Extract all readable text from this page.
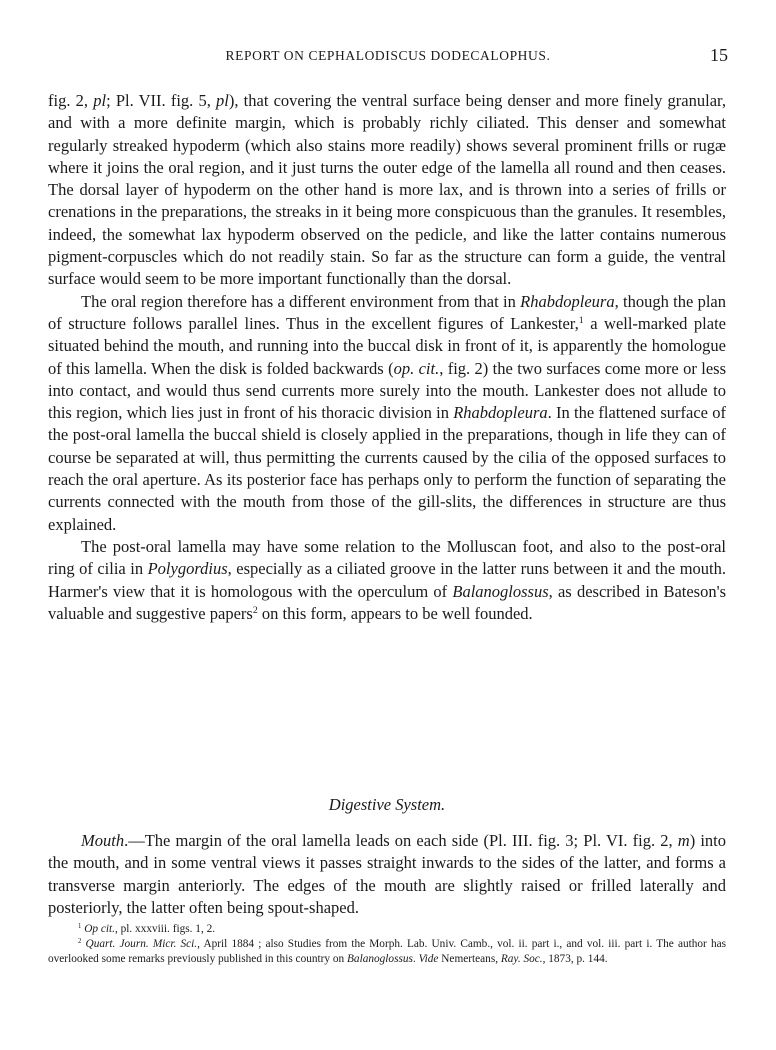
REPORT ON CEPHALODISCUS DODECALOPHUS.	15

fig. 2, pl; Pl. VII. fig. 5, pl), that covering the ventral surface being denser and more finely granular, and with a more definite margin, which is probably richly ciliated. This denser and somewhat regularly streaked hypoderm (which also stains more readily) shows several prominent frills or rugæ where it joins the oral region, and it just turns the outer edge of the lamella all round and then ceases. The dorsal layer of hypoderm on the other hand is more lax, and is thrown into a series of frills or crenations in the preparations, the streaks in it being more conspicuous than the granules. It resembles, indeed, the somewhat lax hypoderm observed on the pedicle, and like the latter contains numerous pigment-corpuscles which do not readily stain. So far as the structure can form a guide, the ventral surface would seem to be more important functionally than the dorsal.

The oral region therefore has a different environment from that in Rhabdopleura, though the plan of structure follows parallel lines. Thus in the excellent figures of Lankester,$^1$ a well-marked plate situated behind the mouth, and running into the buccal disk in front of it, is apparently the homologue of this lamella. When the disk is folded backwards (op. cit., fig. 2) the two surfaces come more or less into contact, and would thus send currents more surely into the mouth. Lankester does not allude to this region, which lies just in front of his thoracic division in Rhabdopleura. In the flattened surface of the post-oral lamella the buccal shield is closely applied in the preparations, though in life they can of course be separated at will, thus permitting the currents caused by the cilia of the opposed surfaces to reach the oral aperture. As its posterior face has perhaps only to perform the function of separating the currents connected with the mouth from those of the gill-slits, the differences in structure are thus explained.

The post-oral lamella may have some relation to the Molluscan foot, and also to the post-oral ring of cilia in Polygordius, especially as a ciliated groove in the latter runs between it and the mouth. Harmer's view that it is homologous with the operculum of Balanoglossus, as described in Bateson's valuable and suggestive papers$^2$ on this form, appears to be well founded.

Digestive System.

Mouth.—The margin of the oral lamella leads on each side (Pl. III. fig. 3; Pl. VI. fig. 2, m) into the mouth, and in some ventral views it passes straight inwards to the sides of the latter, and forms a transverse margin anteriorly. The edges of the mouth are slightly raised or frilled laterally and posteriorly, the latter often being spout-shaped.

$^1$ Op cit., pl. xxxviii. figs. 1, 2.

$^2$ Quart. Journ. Micr. Sci., April 1884 ; also Studies from the Morph. Lab. Univ. Camb., vol. ii. part i., and vol. iii. part i. The author has overlooked some remarks previously published in this country on Balanoglossus. Vide Nemerteans, Ray. Soc., 1873, p. 144.
